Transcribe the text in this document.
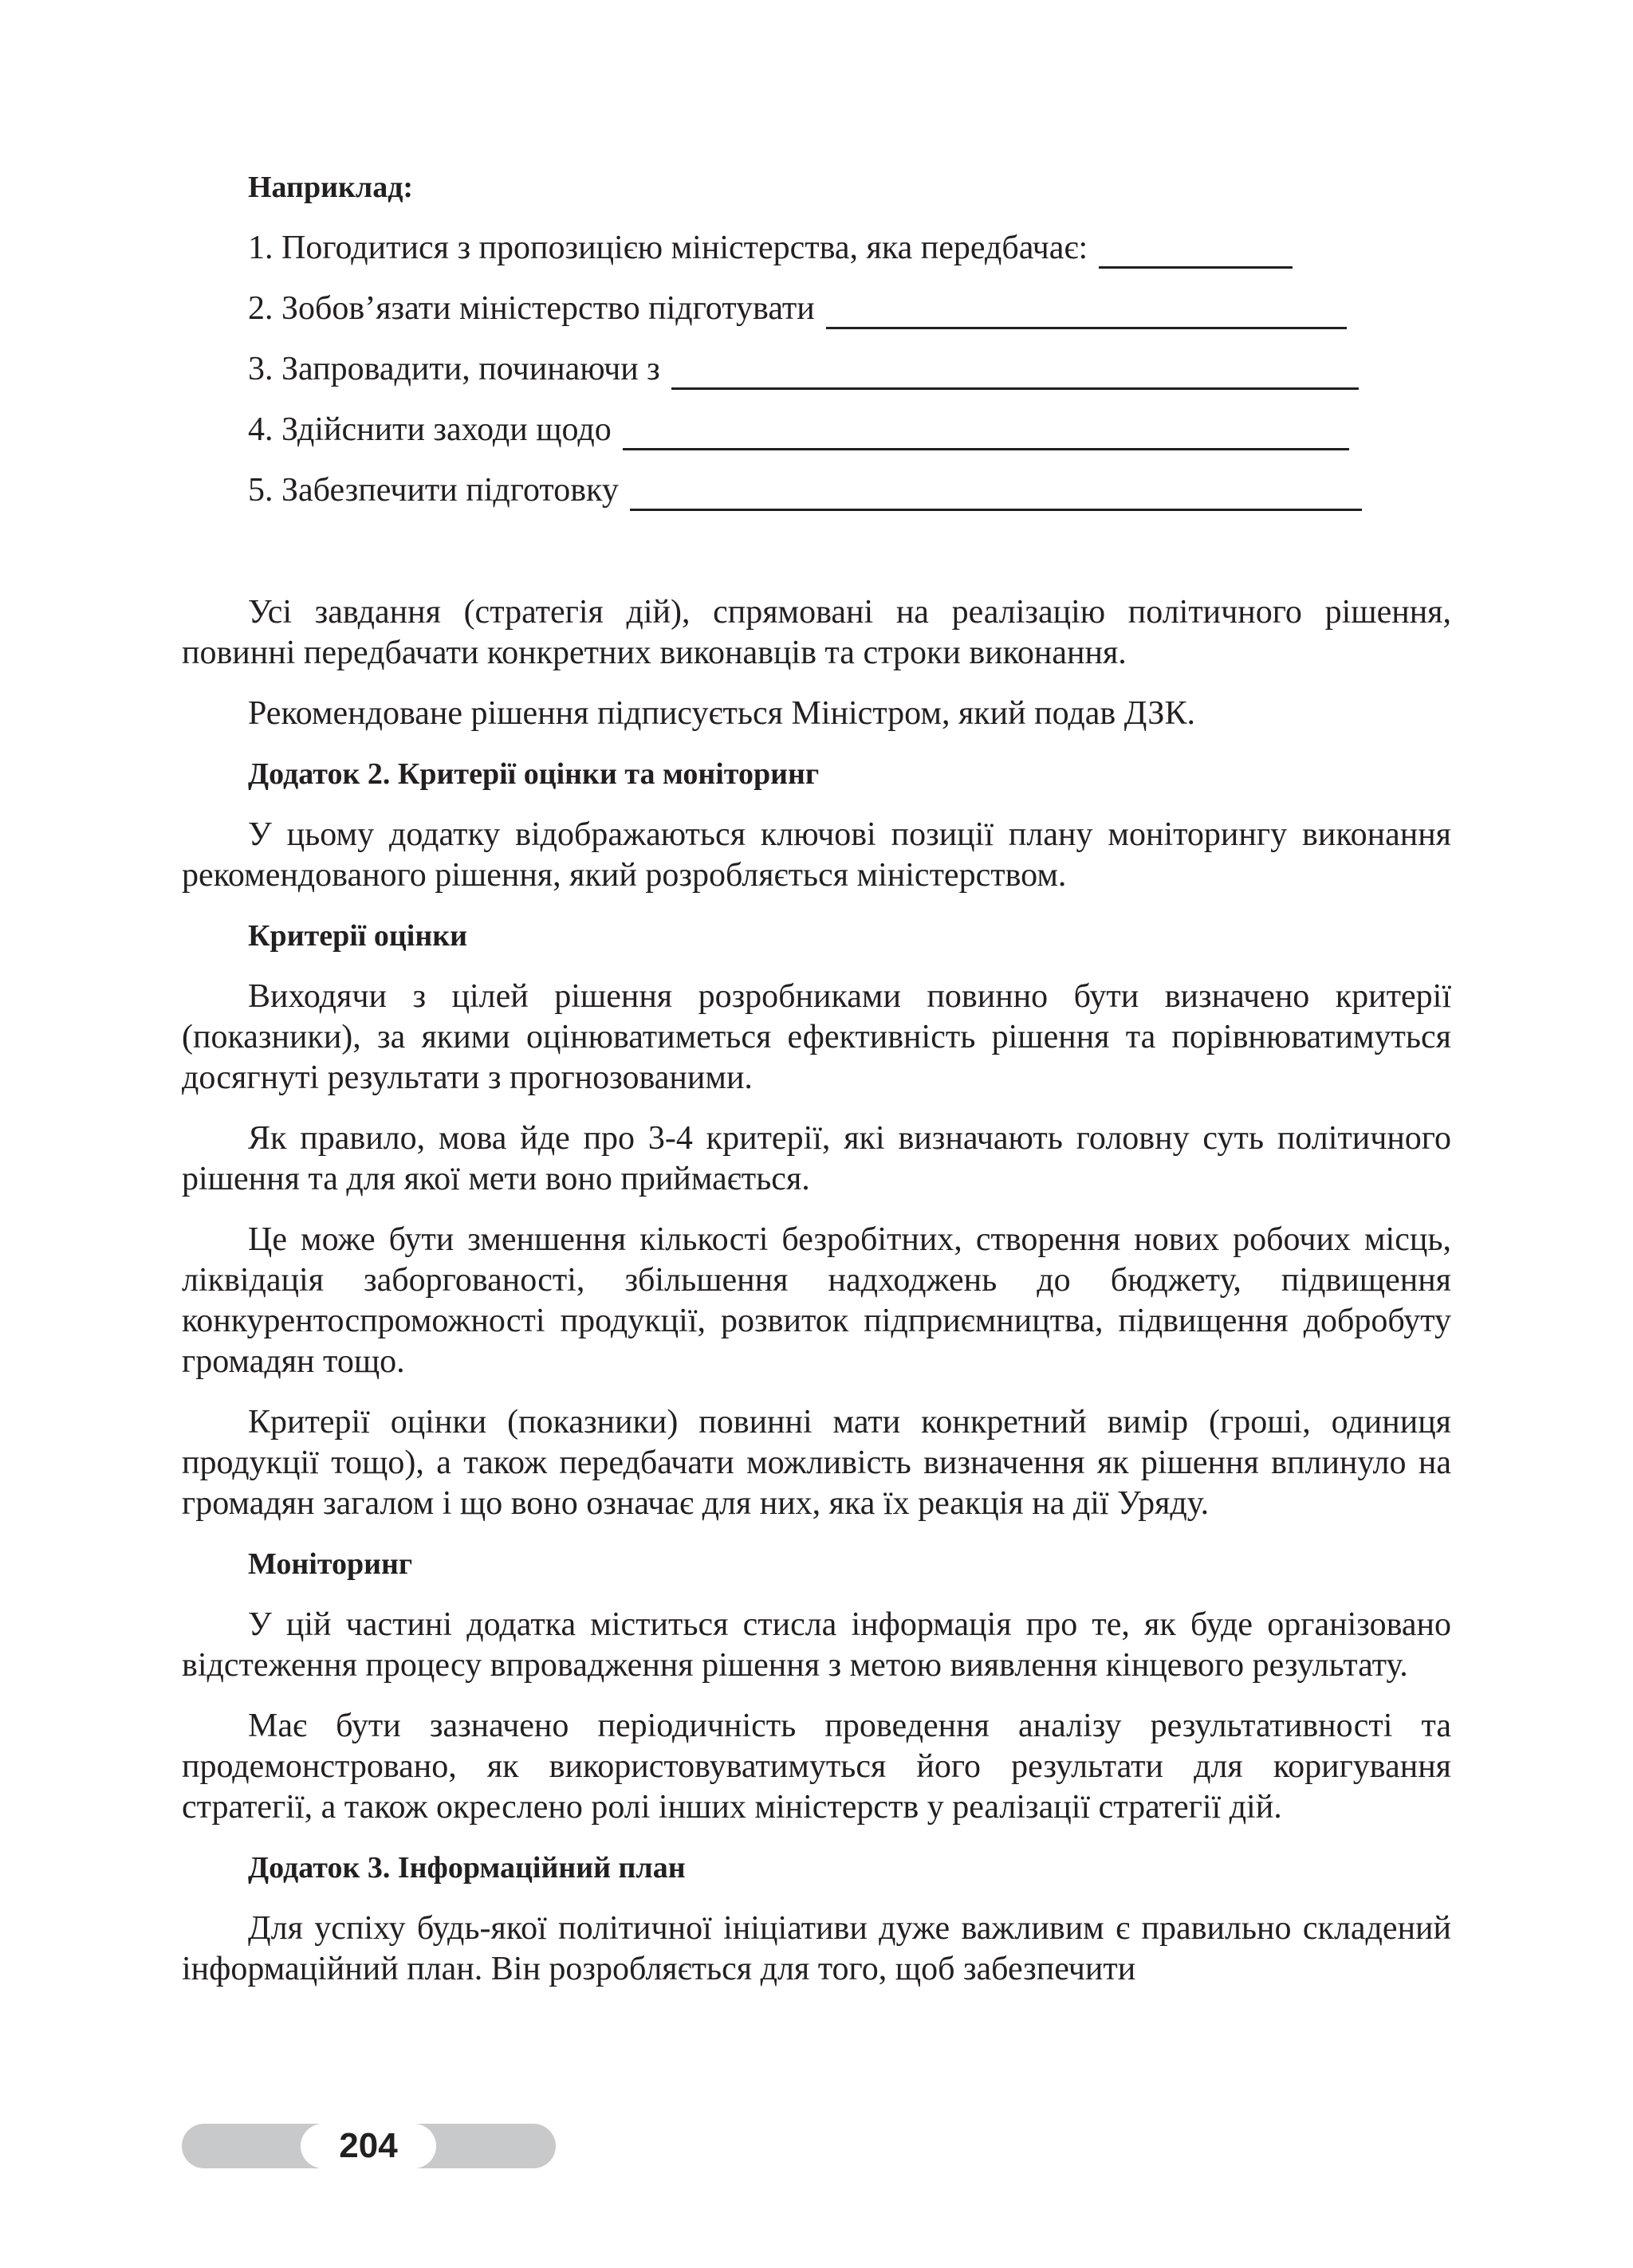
Наприклад:
1. Погодитися з пропозицією міністерства, яка передбачає:
2. Зобов’язати міністерство підготувати
3. Запровадити, починаючи з
4. Здійснити заходи щодо
5. Забезпечити підготовку

Усі завдання (стратегія дій), спрямовані на реалізацію політичного рішення, повинні передбачати конкретних виконавців та строки виконання.

Рекомендоване рішення підписується Міністром, який подав ДЗК.

Додаток 2. Критерії оцінки та моніторинг

У цьому додатку відображаються ключові позиції плану моніторингу виконання рекомендованого рішення, який розробляється міністерством.

Критерії оцінки

Виходячи з цілей рішення розробниками повинно бути визначено критерії (показники), за якими оцінюватиметься ефективність рішення та порівнюватимуться досягнуті результати з прогнозованими.

Як правило, мова йде про 3-4 критерії, які визначають головну суть політичного рішення та для якої мети воно приймається.

Це може бути зменшення кількості безробітних, створення нових робочих місць, ліквідація заборгованості, збільшення надходжень до бюджету, підвищення конкурентоспроможності продукції, розвиток підприємництва, підвищення добробуту громадян тощо.

Критерії оцінки (показники) повинні мати конкретний вимір (гроші, одиниця продукції тощо), а також передбачати можливість визначення як рішення вплинуло на громадян загалом і що воно означає для них, яка їх реакція на дії Уряду.

Моніторинг

У цій частині додатка міститься стисла інформація про те, як буде організовано відстеження процесу впровадження рішення з метою виявлення кінцевого результату.

Має бути зазначено періодичність проведення аналізу результативності та продемонстровано, як використовуватимуться його результати для коригування стратегії, а також окреслено ролі інших міністерств у реалізації стратегії дій.

Додаток 3. Інформаційний план

Для успіху будь-якої політичної ініціативи дуже важливим є правильно складений інформаційний план. Він розробляється для того, щоб забезпечити

204
